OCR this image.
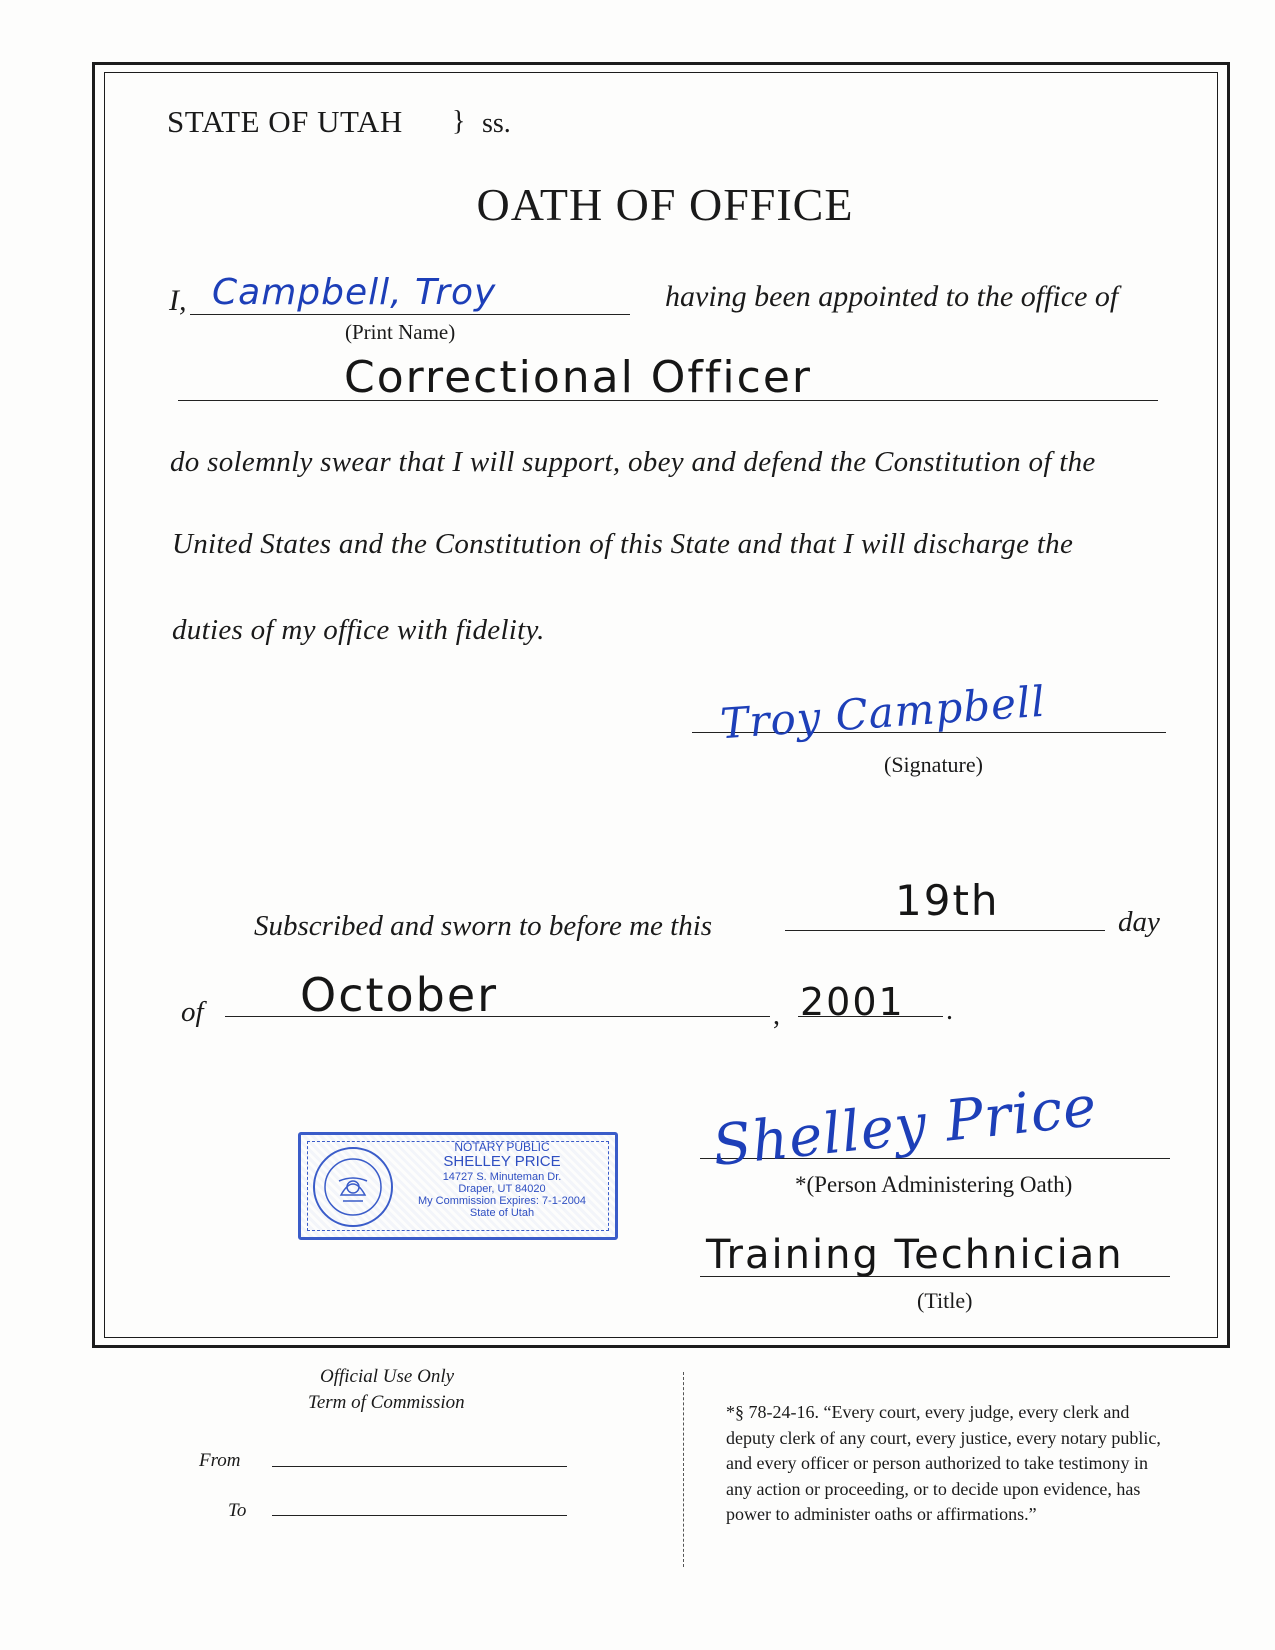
STATE OF UTAH } ss.
OATH OF OFFICE
I, Campbell, Troy
(Print Name)
having been appointed to the office of
Correctional Officer
do solemnly swear that I will support, obey and defend the Constitution of the
United States and the Constitution of this State and that I will discharge the
duties of my office with fidelity.
Troy Campbell
(Signature)
Subscribed and sworn to before me this
19th	day
of October	, 2001 .
NOTARY PUBLIC
SHELLEY PRICE
14727 S. Minuteman Dr.
Draper, UT 84020
My Commission Expires: 7-1-2004
State of Utah
Shelley Price
*(Person Administering Oath)
Training Technician
(Title)
Official Use Only
Term of Commission
From
To
*§ 78-24-16. “Every court, every judge, every clerk and
deputy clerk of any court, every justice, every notary public,
and every officer or person authorized to take testimony in
any action or proceeding, or to decide upon evidence, has
power to administer oaths or affirmations.”
